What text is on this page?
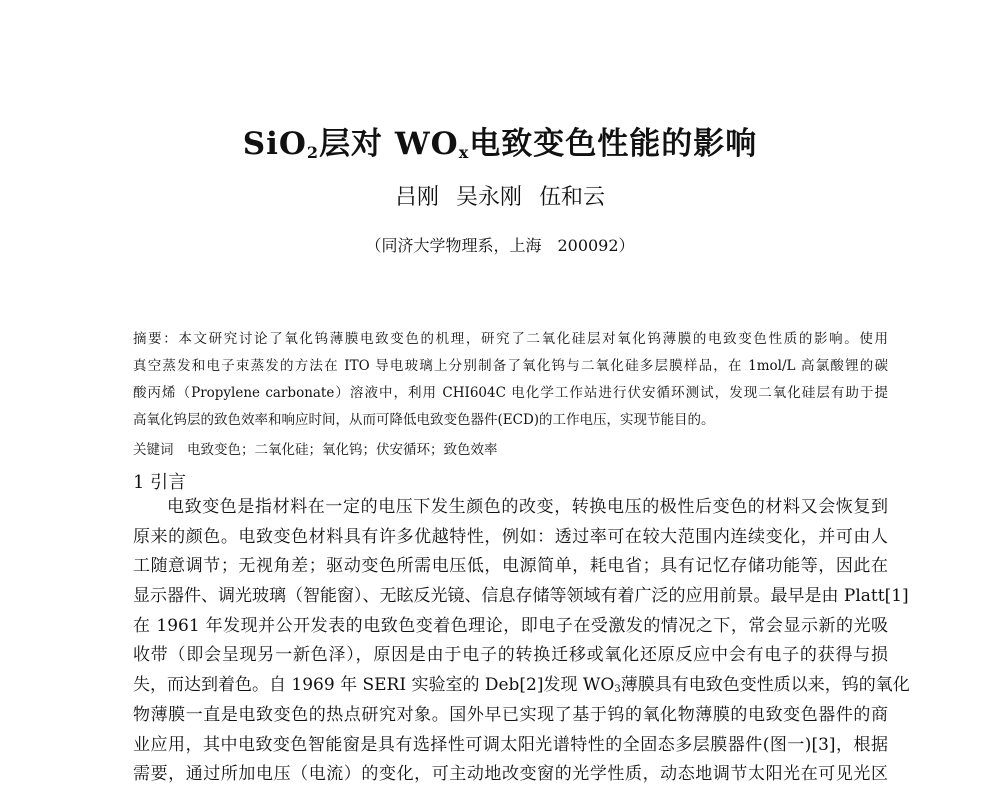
SiO$_2$层对 $WO_x$电致变色性能的影响
吕刚 吴永刚 伍和云
（同济大学物理系，上海　200092）
摘要：本文研究讨论了氧化钨薄膜电致变色的机理，研究了二氧化硅层对氧化钨薄膜的电致变色性质的影响。使用
真空蒸发和电子束蒸发的方法在 ITO 导电玻璃上分别制备了氧化钨与二氧化硅多层膜样品，在 1mol/L 高氯酸锂的碳
酸丙烯（Propylene carbonate）溶液中，利用 CHI604C 电化学工作站进行伏安循环测试，发现二氧化硅层有助于提
高氧化钨层的致色效率和响应时间，从而可降低电致变色器件(ECD)的工作电压，实现节能目的。
关键词　电致变色；二氧化硅；氧化钨；伏安循环；致色效率
1 引言
电致变色是指材料在一定的电压下发生颜色的改变，转换电压的极性后变色的材料又会恢复到
原来的颜色。电致变色材料具有许多优越特性，例如：透过率可在较大范围内连续变化，并可由人
工随意调节；无视角差；驱动变色所需电压低，电源简单，耗电省；具有记忆存储功能等，因此在
显示器件、调光玻璃（智能窗）、无眩反光镜、信息存储等领域有着广泛的应用前景。最早是由 Platt[1]
在 1961 年发现并公开发表的电致色变着色理论，即电子在受激发的情况之下，常会显示新的光吸
收带（即会呈现另一新色泽），原因是由于电子的转换迁移或氧化还原反应中会有电子的获得与损
失，而达到着色。自 1969 年 SERI 实验室的 Deb[2]发现 $WO_3$薄膜具有电致色变性质以来，钨的氧化
物薄膜一直是电致变色的热点研究对象。国外早已实现了基于钨的氧化物薄膜的电致变色器件的商
业应用，其中电致变色智能窗是具有选择性可调太阳光谱特性的全固态多层膜器件(图一)[3]，根据
需要，通过所加电压（电流）的变化，可主动地改变窗的光学性质，动态地调节太阳光在可见光区
